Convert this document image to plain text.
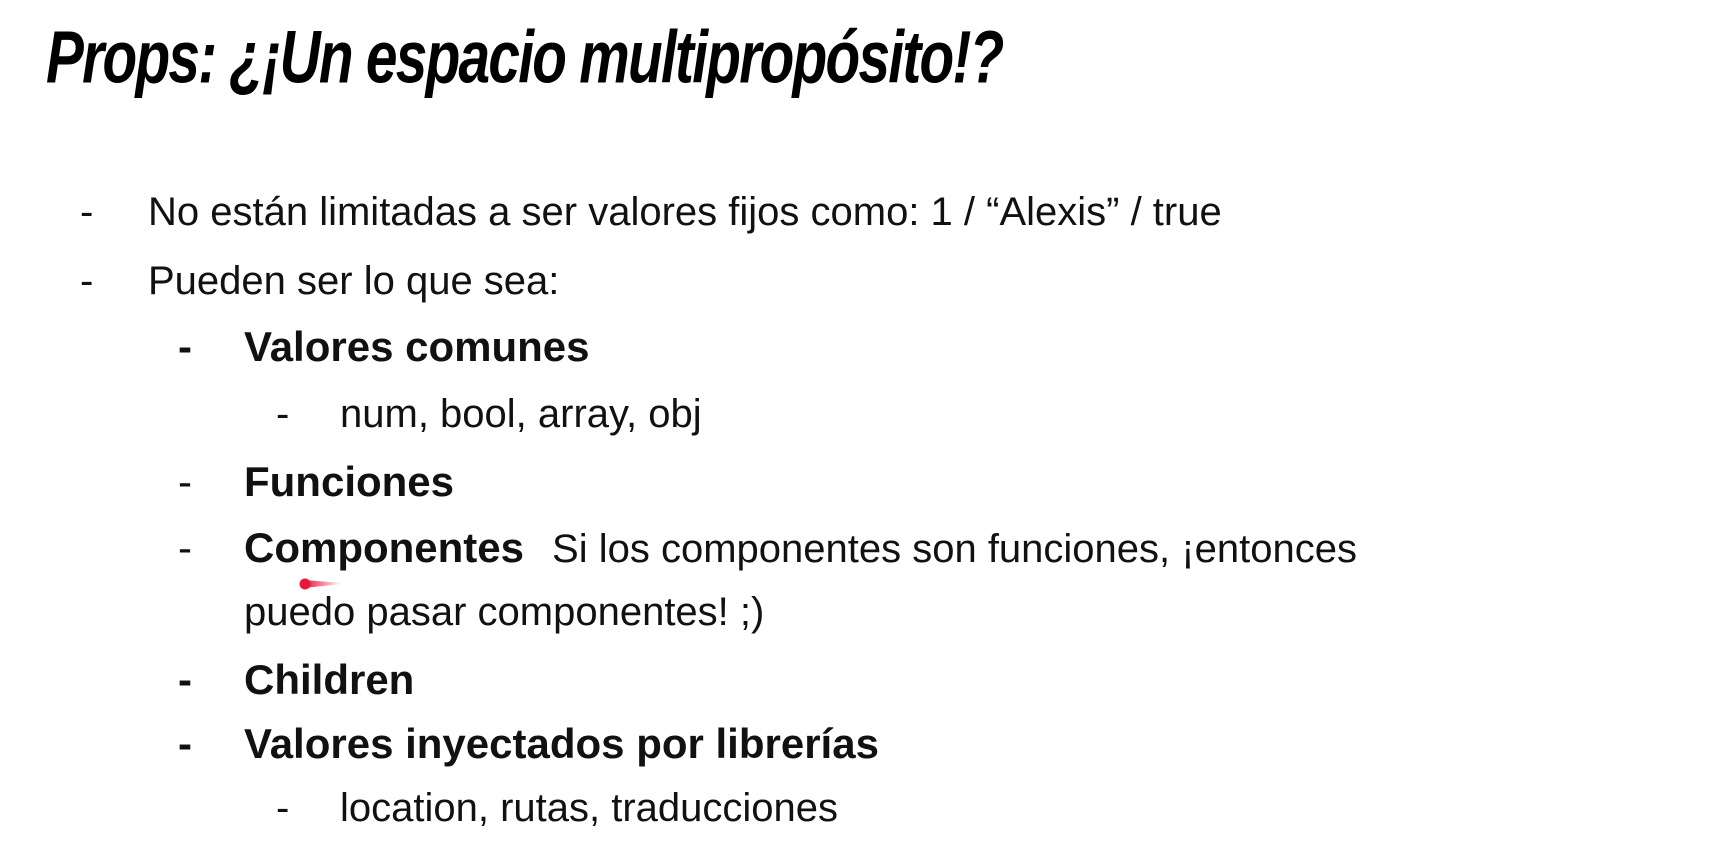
Props: ¿¡Un espacio multipropósito!?
- No están limitadas a ser valores fijos como: 1 / “Alexis” / true
- Pueden ser lo que sea:
- Valores comunes
- num, bool, array, obj
- Funciones
- Componentes Si los componentes son funciones, ¡entonces
puedo pasar componentes! ;)
- Children
- Valores inyectados por librerías
- location, rutas, traducciones
